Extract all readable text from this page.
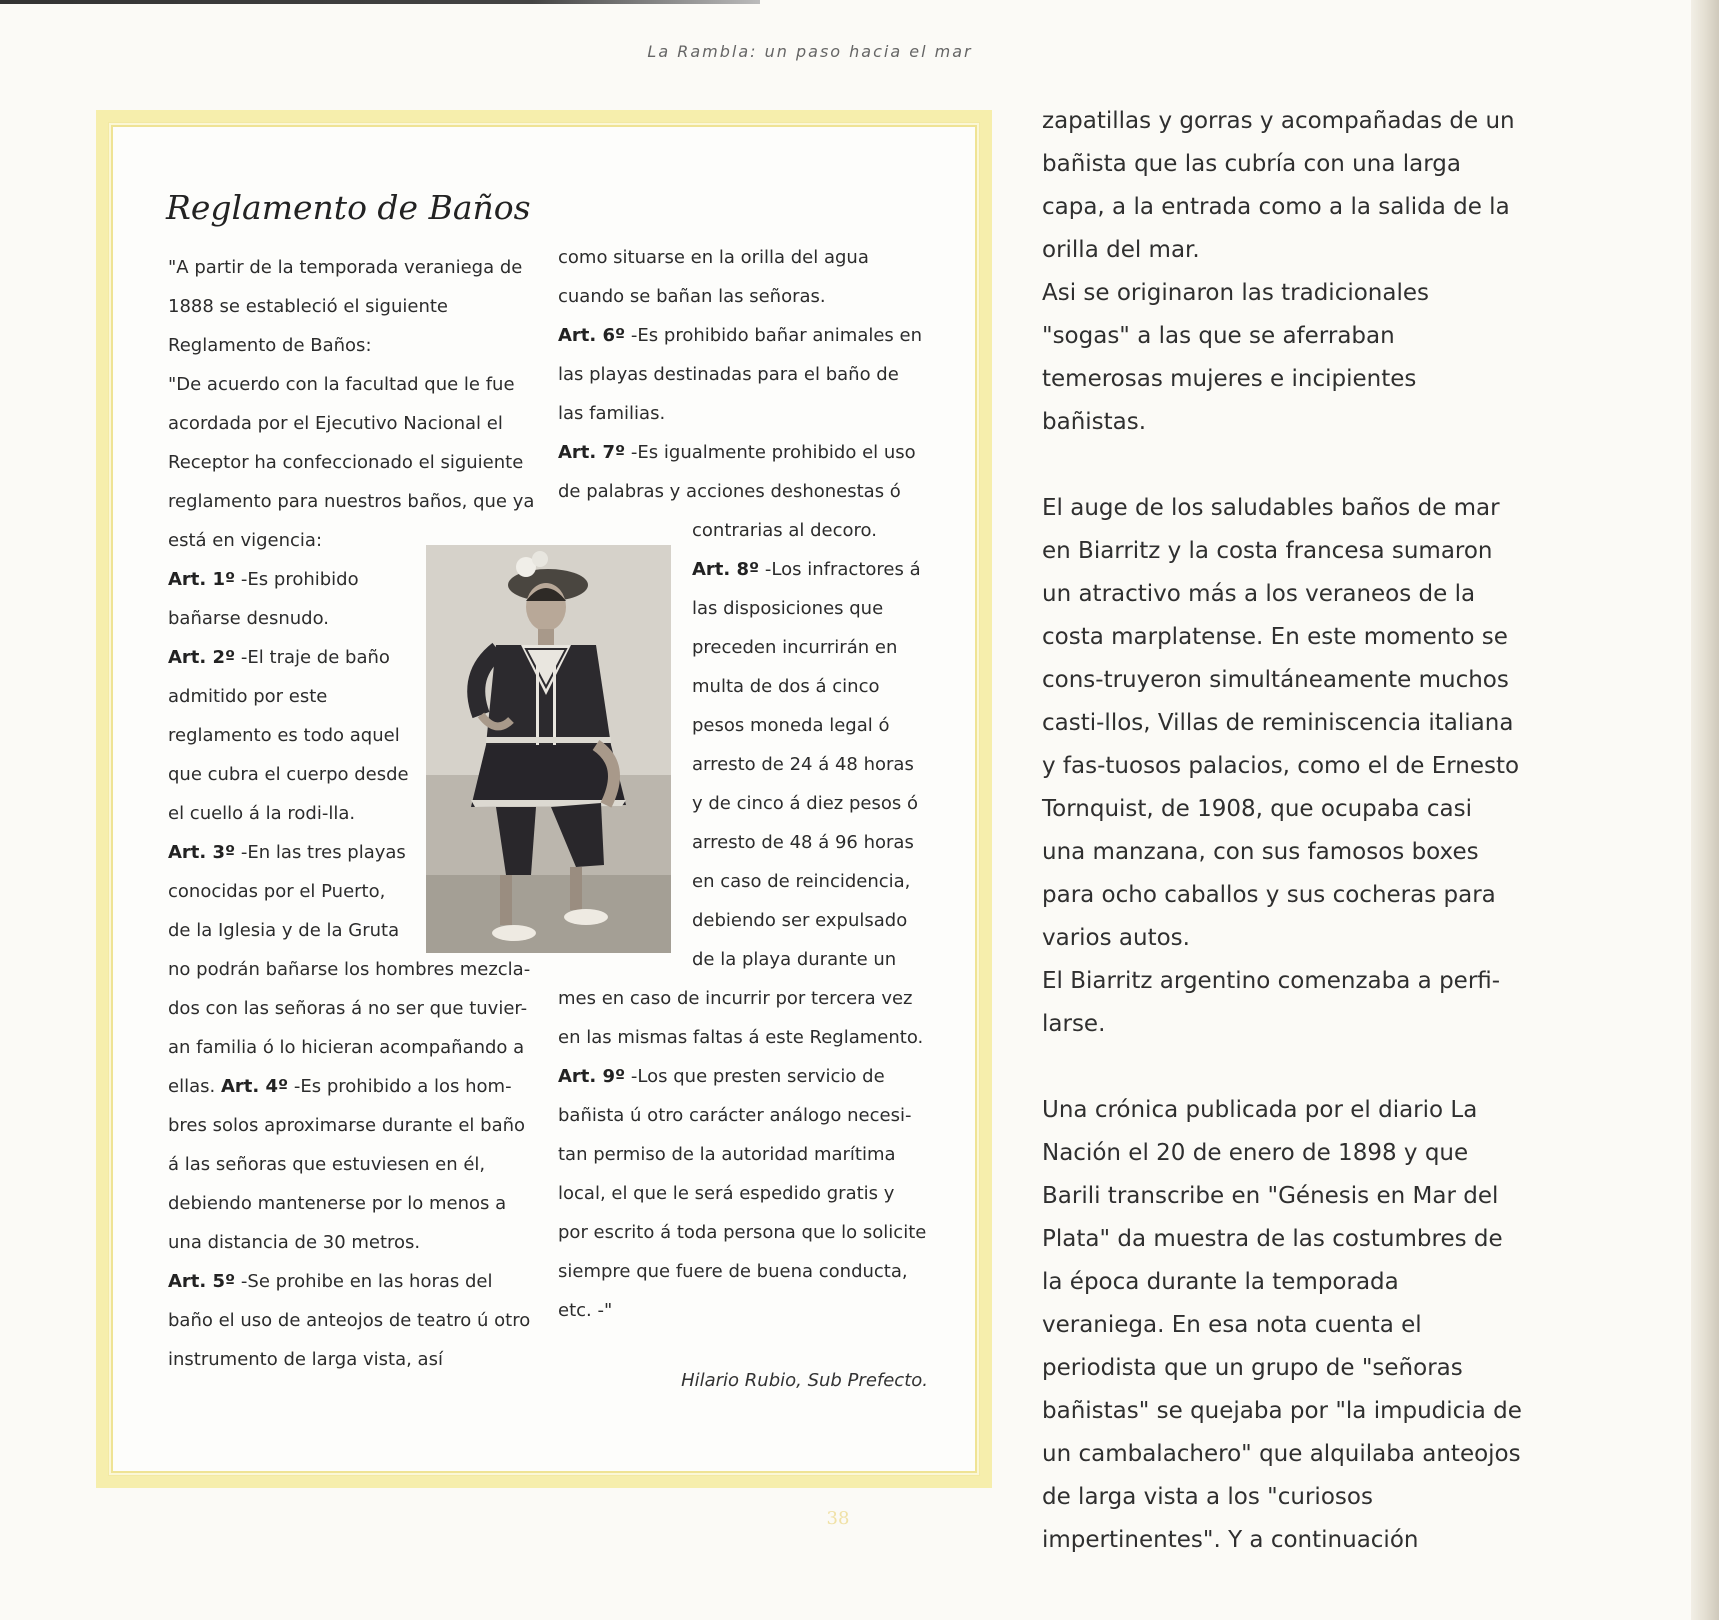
La Rambla: un paso hacia el mar
Reglamento de Baños

"A partir de la temporada veraniega de 1888 se estableció el siguiente Reglamento de Baños:

"De acuerdo con la facultad que le fue acordada por el Ejecutivo Nacional el Receptor ha confeccionado el siguiente reglamento para nuestros baños, que ya está en vigencia:

Art. 1º -Es prohibido bañarse desnudo.

Art. 2º -El traje de baño admitido por este reglamento es todo aquel que cubra el cuerpo desde el cuello á la rodi-lla.

Art. 3º -En las tres playas conocidas por el Puerto, de la Iglesia y de la Gruta

no podrán bañarse los hombres mezcla-dos con las señoras á no ser que tuvier-an familia ó lo hicieran acompañando a ellas. Art. 4º -Es prohibido a los hom-bres solos aproximarse durante el baño á las señoras que estuviesen en él, debiendo mantenerse por lo menos a una distancia de 30 metros.

Art. 5º -Se prohibe en las horas del baño el uso de anteojos de teatro ú otro instrumento de larga vista, así

como situarse en la orilla del agua cuando se bañan las señoras.

Art. 6º -Es prohibido bañar animales en las playas destinadas para el baño de las familias.

Art. 7º -Es igualmente prohibido el uso de palabras y acciones deshonestas ó

contrarias al decoro.

Art. 8º -Los infractores á las disposiciones que preceden incurrirán en multa de dos á cinco pesos moneda legal ó arresto de 24 á 48 horas y de cinco á diez pesos ó arresto de 48 á 96 horas en caso de reincidencia, debiendo ser expulsado de la playa durante un

mes en caso de incurrir por tercera vez en las mismas faltas á este Reglamento.

Art. 9º -Los que presten servicio de bañista ú otro carácter análogo necesi-tan permiso de la autoridad marítima local, el que le será espedido gratis y por escrito á toda persona que lo solicite siempre que fuere de buena conducta, etc. -"

Hilario Rubio, Sub Prefecto.

zapatillas y gorras y acompañadas de un bañista que las cubría con una larga capa, a la entrada como a la salida de la orilla del mar.

Asi se originaron las tradicionales "sogas" a las que se aferraban temerosas mujeres e incipientes bañistas.

El auge de los saludables baños de mar en Biarritz y la costa francesa sumaron un atractivo más a los veraneos de la costa marplatense. En este momento se cons-truyeron simultáneamente muchos casti-llos, Villas de reminiscencia italiana y fas-tuosos palacios, como el de Ernesto Tornquist, de 1908, que ocupaba casi una manzana, con sus famosos boxes para ocho caballos y sus cocheras para varios autos.

El Biarritz argentino comenzaba a perfi-larse.

Una crónica publicada por el diario La Nación el 20 de enero de 1898 y que Barili transcribe en "Génesis en Mar del Plata" da muestra de las costumbres de la época durante la temporada veraniega. En esa nota cuenta el periodista que un grupo de "señoras bañistas" se quejaba por "la impudicia de un cambalachero" que alquilaba anteojos de larga vista a los "curiosos impertinentes". Y a continuación

38
